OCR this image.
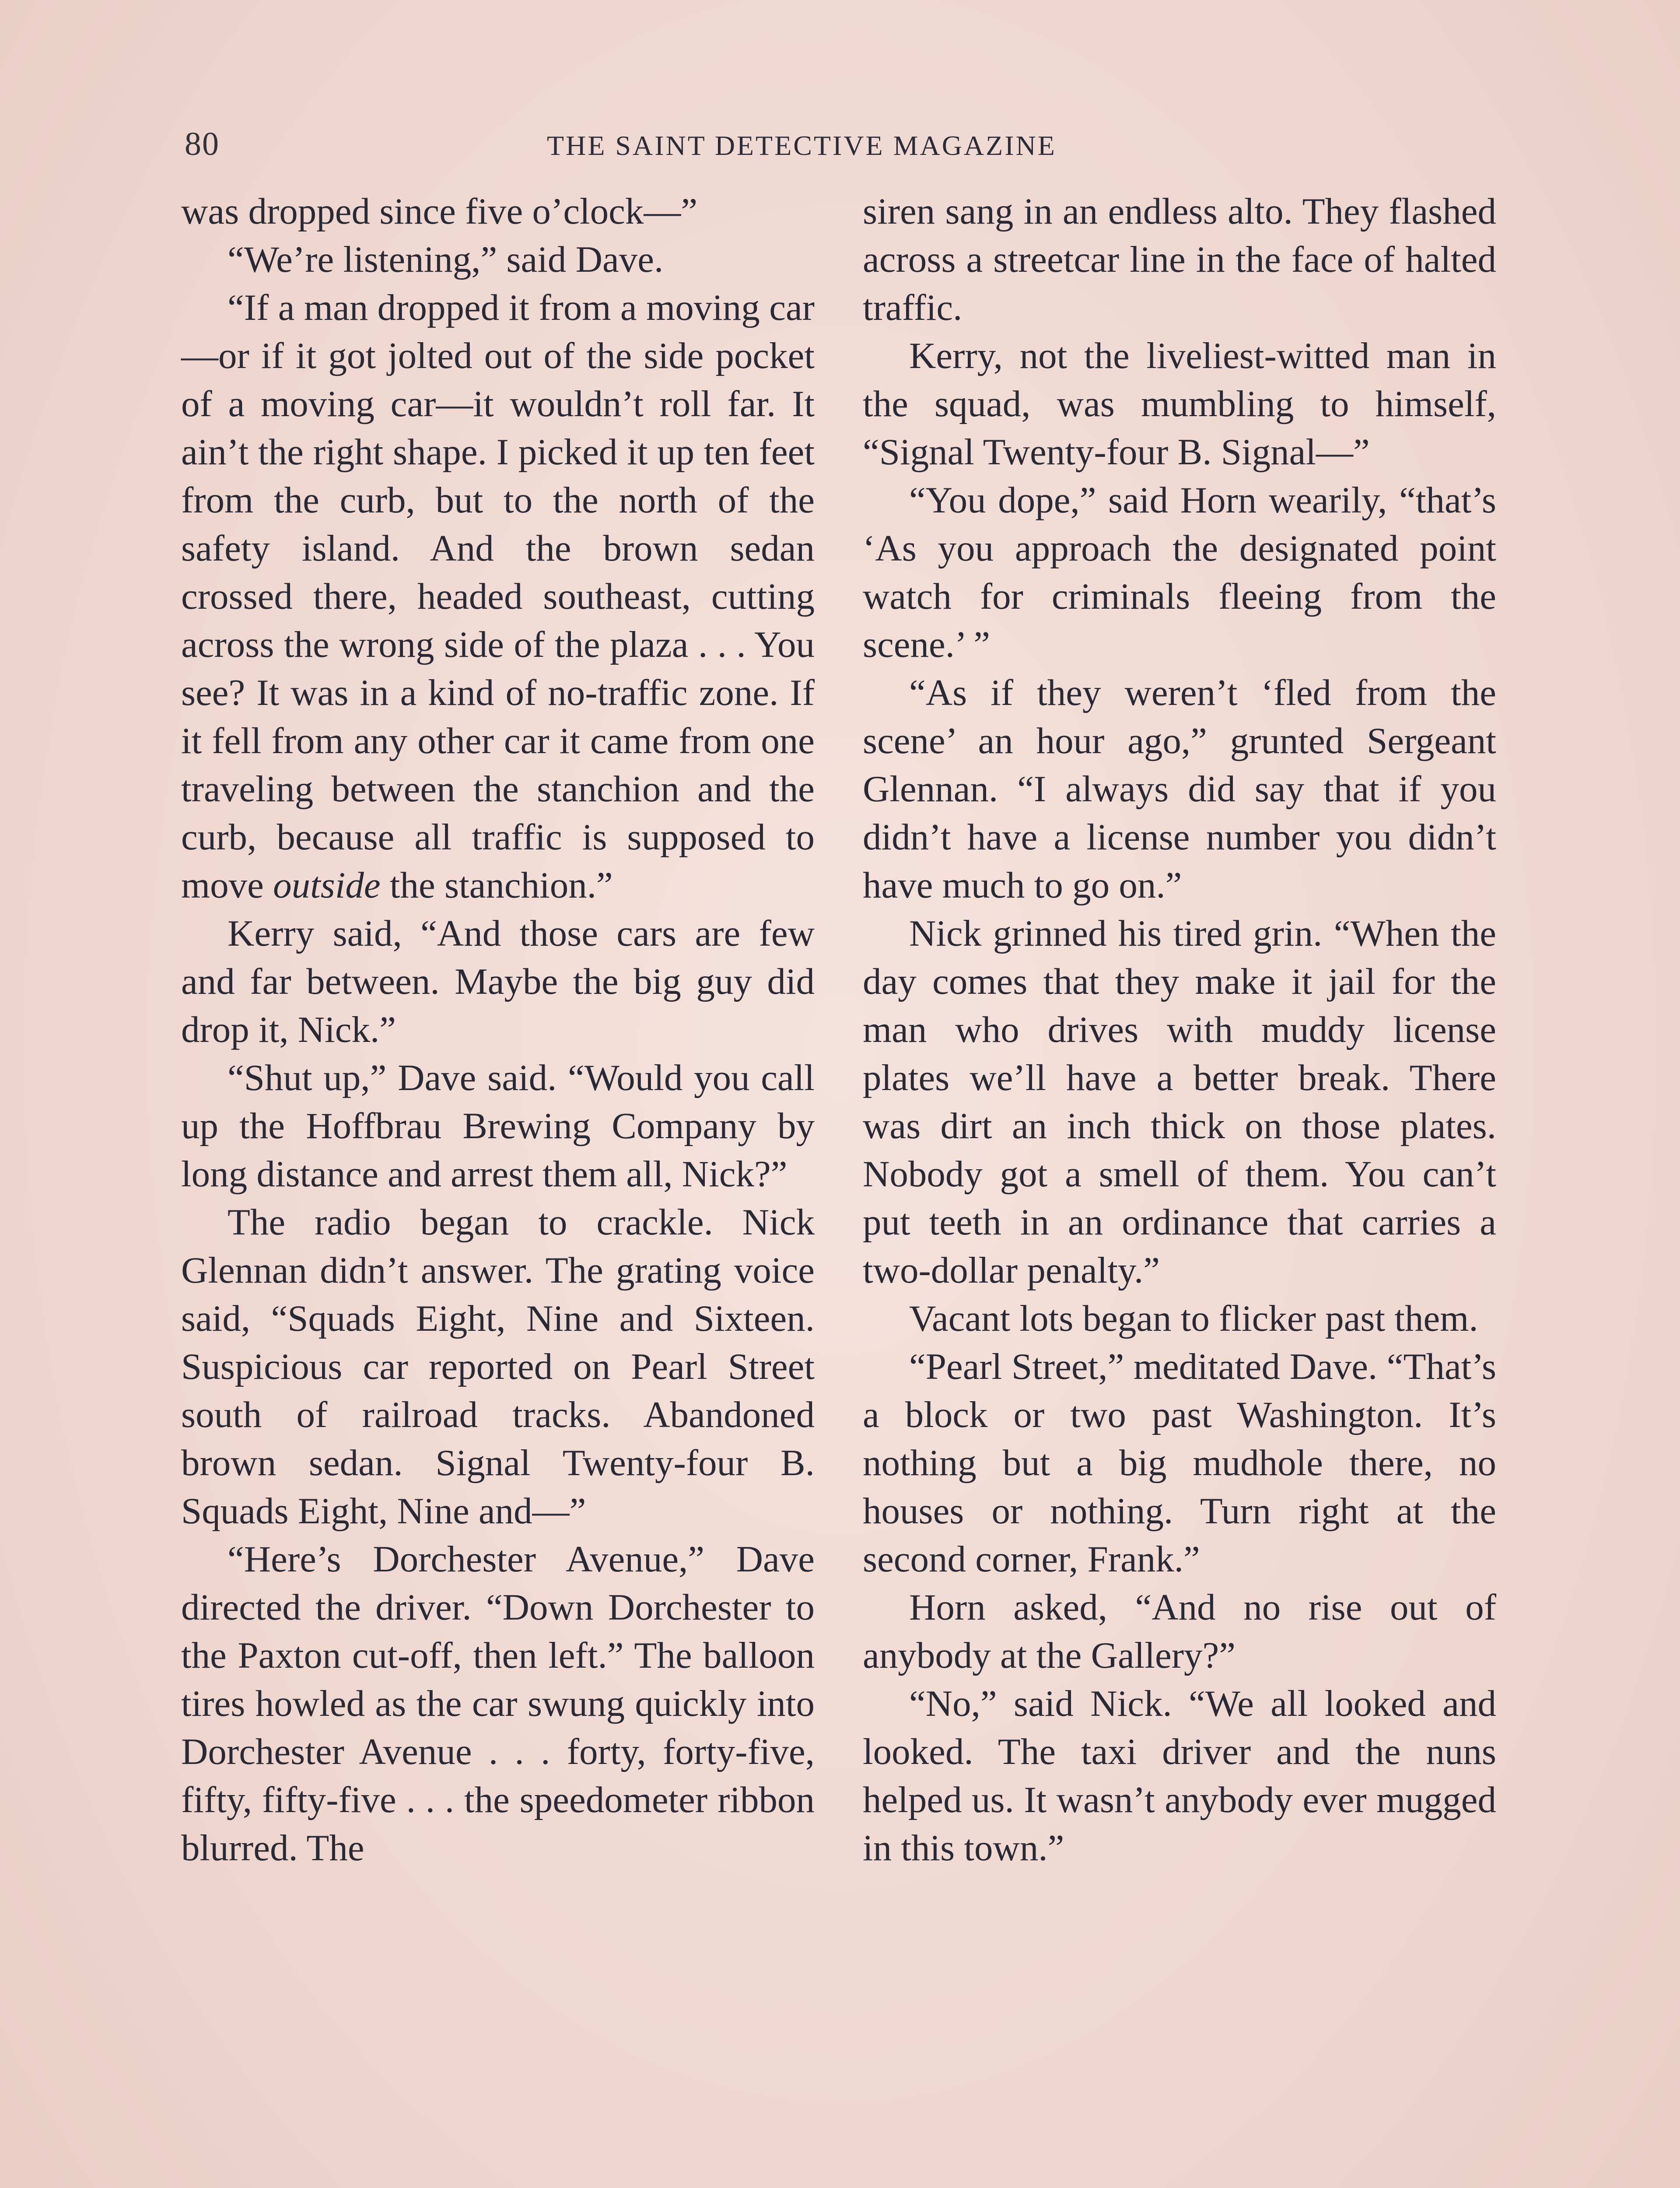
80	THE SAINT DETECTIVE MAGAZINE

was dropped since five o’clock—”

“We’re listening,” said Dave.

“If a man dropped it from a moving car—or if it got jolted out of the side pocket of a moving car—it wouldn’t roll far. It ain’t the right shape. I picked it up ten feet from the curb, but to the north of the safety island. And the brown sedan crossed there, headed southeast, cutting across the wrong side of the plaza . . . You see? It was in a kind of no-traffic zone. If it fell from any other car it came from one traveling between the stanchion and the curb, because all traffic is supposed to move outside the stanchion.”

Kerry said, “And those cars are few and far between. Maybe the big guy did drop it, Nick.”

“Shut up,” Dave said. “Would you call up the Hoffbrau Brewing Company by long distance and arrest them all, Nick?”

The radio began to crackle. Nick Glennan didn’t answer. The grating voice said, “Squads Eight, Nine and Sixteen. Suspicious car reported on Pearl Street south of railroad tracks. Abandoned brown sedan. Signal Twenty-four B. Squads Eight, Nine and—”

“Here’s Dorchester Avenue,” Dave directed the driver. “Down Dorchester to the Paxton cut-off, then left.” The balloon tires howled as the car swung quickly into Dorchester Avenue . . . forty, forty-five, fifty, fifty-five . . . the speedometer ribbon blurred. The

siren sang in an endless alto. They flashed across a streetcar line in the face of halted traffic.

Kerry, not the liveliest-witted man in the squad, was mumbling to himself, “Signal Twenty-four B. Signal—”

“You dope,” said Horn wearily, “that’s ‘As you approach the designated point watch for criminals fleeing from the scene.’ ”

“As if they weren’t ‘fled from the scene’ an hour ago,” grunted Sergeant Glennan. “I always did say that if you didn’t have a license number you didn’t have much to go on.”

Nick grinned his tired grin. “When the day comes that they make it jail for the man who drives with muddy license plates we’ll have a better break. There was dirt an inch thick on those plates. Nobody got a smell of them. You can’t put teeth in an ordinance that carries a two-dollar penalty.”

Vacant lots began to flicker past them.

“Pearl Street,” meditated Dave. “That’s a block or two past Washington. It’s nothing but a big mudhole there, no houses or nothing. Turn right at the second corner, Frank.”

Horn asked, “And no rise out of anybody at the Gallery?”

“No,” said Nick. “We all looked and looked. The taxi driver and the nuns helped us. It wasn’t anybody ever mugged in this town.”
